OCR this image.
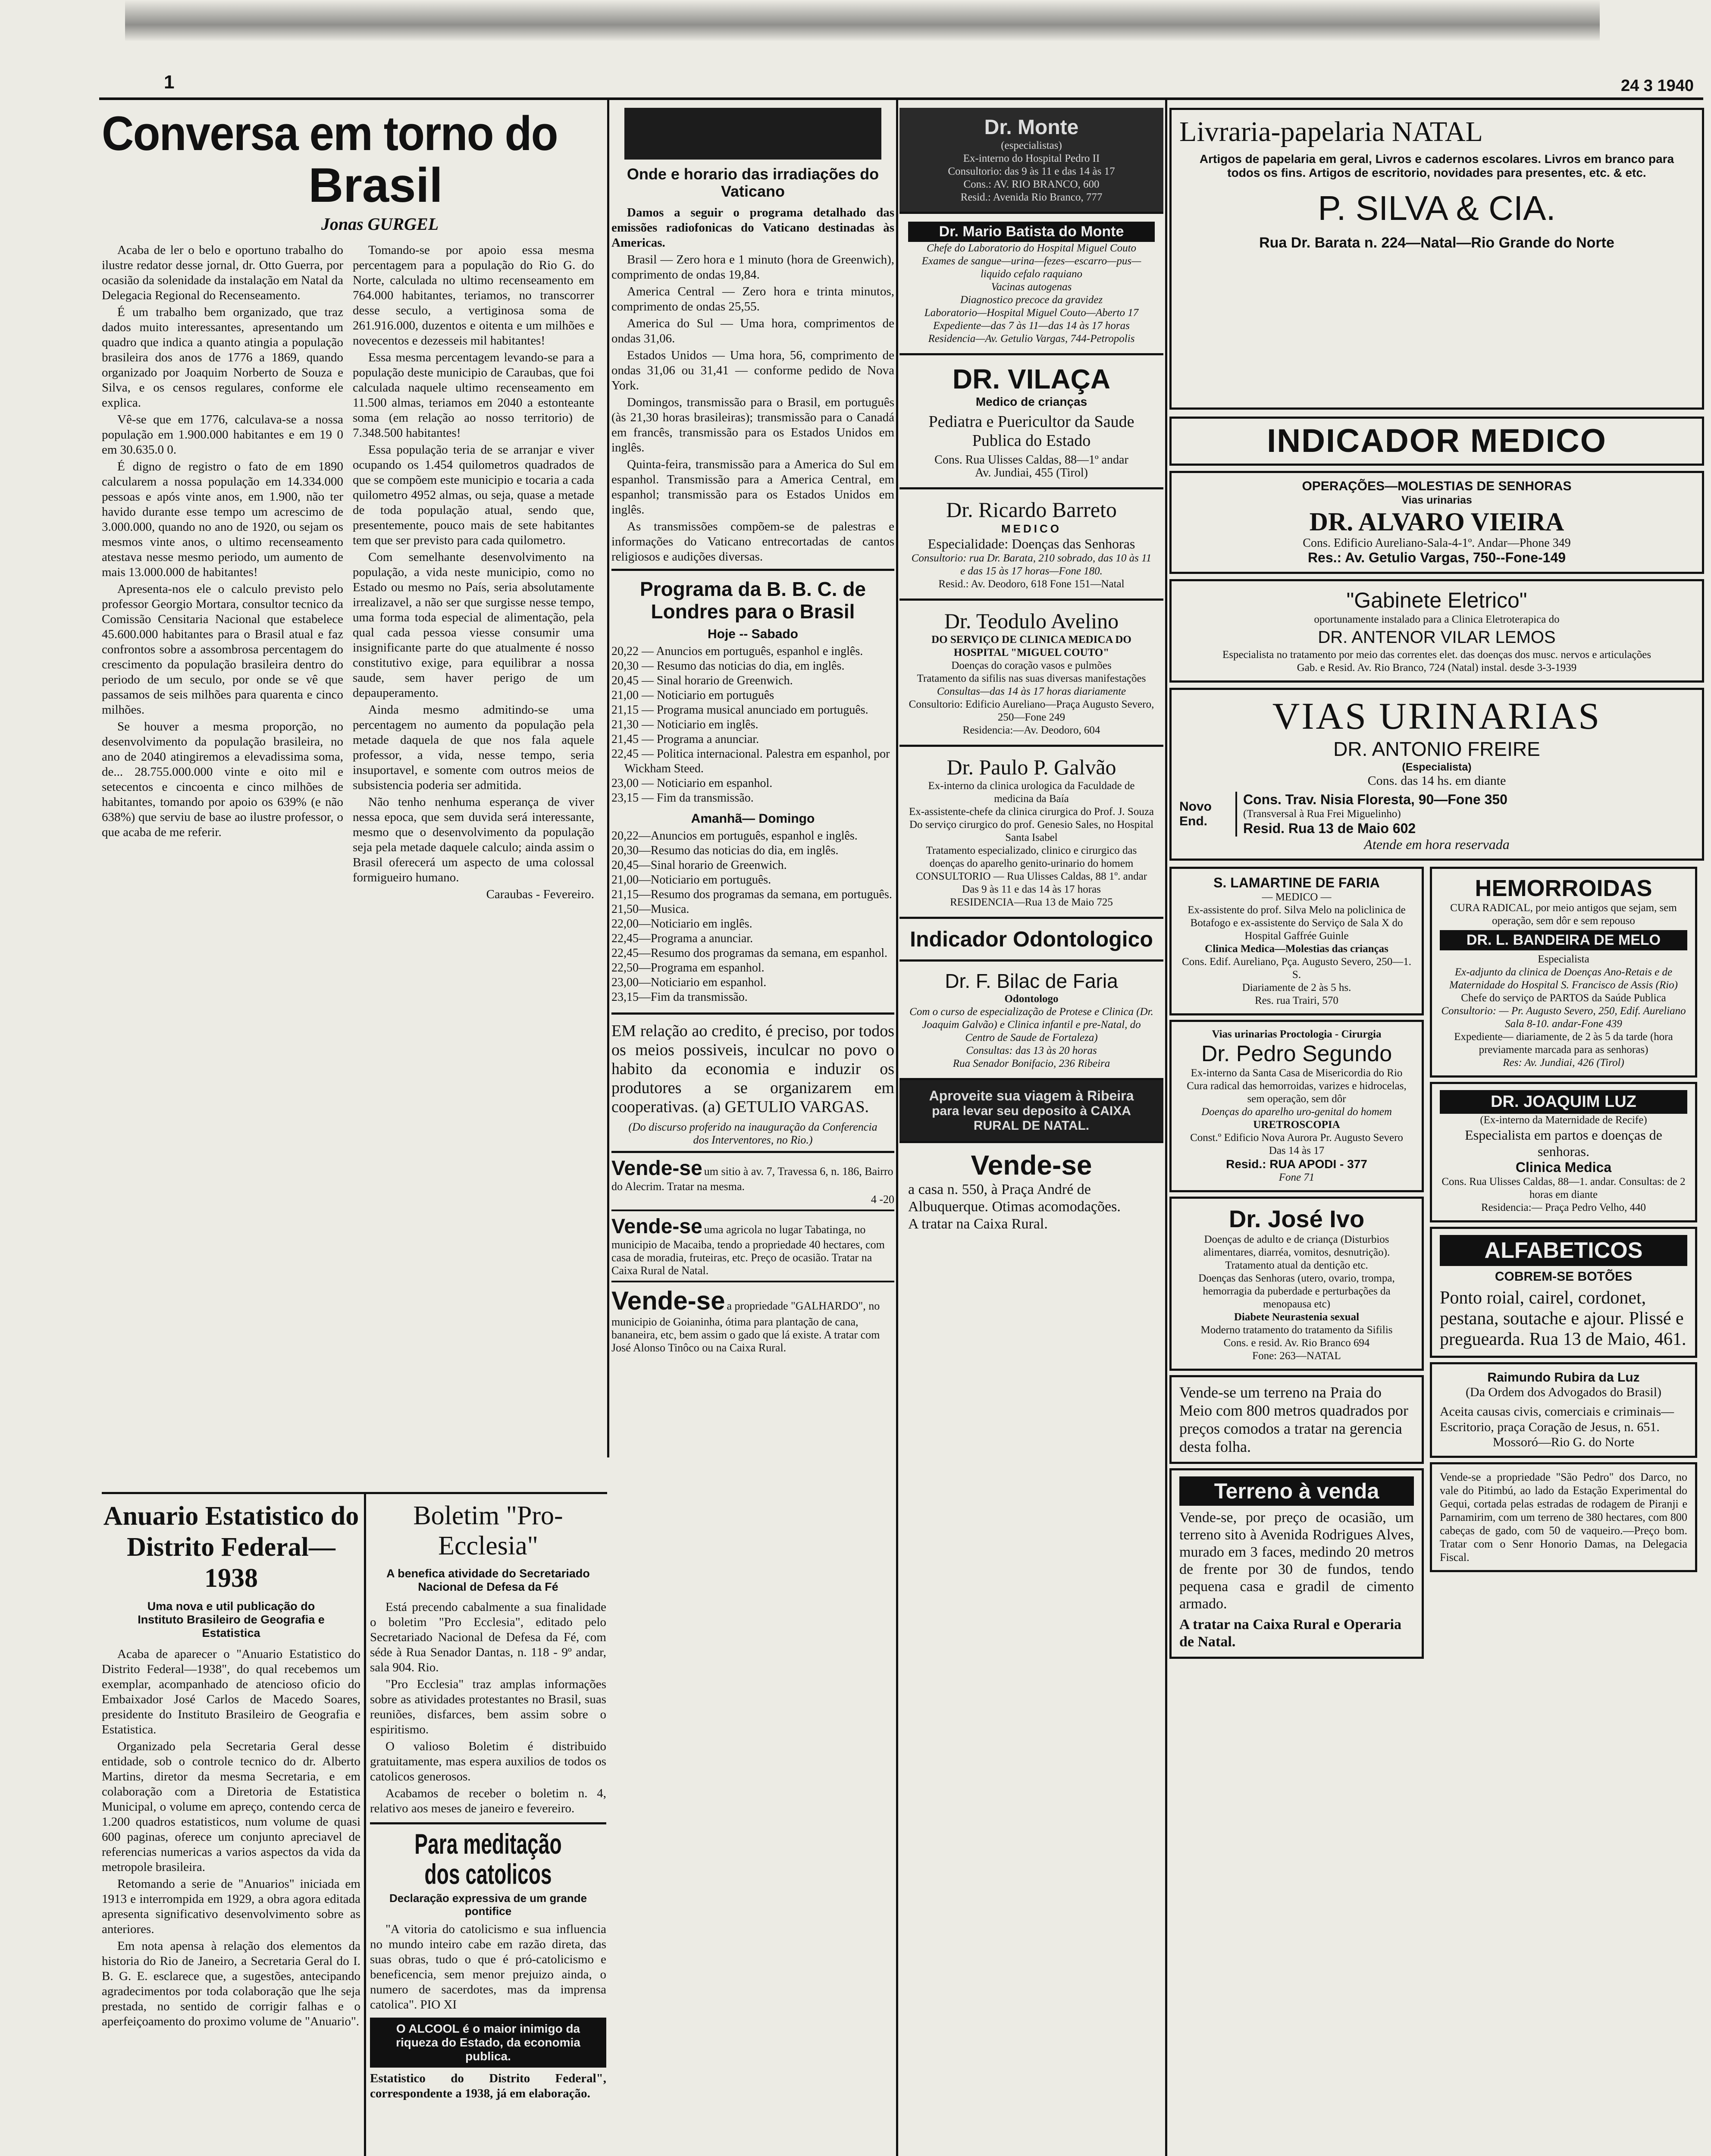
1	24 3 1940
Conversa em torno do
Brasil
Jonas GURGEL

Acaba de ler o belo e oportuno trabalho do ilustre redator desse jornal, dr. Otto Guerra, por ocasião da solenidade da instalação em Natal da Delegacia Regional do Recenseamento.

É um trabalho bem organizado, que traz dados muito interessantes, apresentando um quadro que indica a quanto atingia a população brasileira dos anos de 1776 a 1869, quando organizado por Joaquim Norberto de Souza e Silva, e os censos regulares, conforme ele explica.

Vê-se que em 1776, calculava-se a nossa população em 1.900.000 habitantes e em 19 0 em 30.635.0 0.

É digno de registro o fato de em 1890 calcularem a nossa população em 14.334.000 pessoas e após vinte anos, em 1.900, não ter havido durante esse tempo um acrescimo de 3.000.000, quando no ano de 1920, ou sejam os mesmos vinte anos, o ultimo recenseamento atestava nesse mesmo periodo, um aumento de mais 13.000.000 de habitantes!

Apresenta-nos ele o calculo previsto pelo professor Georgio Mortara, consultor tecnico da Comissão Censitaria Nacional que estabelece 45.600.000 habitantes para o Brasil atual e faz confrontos sobre a assombrosa percentagem do crescimento da população brasileira dentro do periodo de um seculo, por onde se vê que passamos de seis milhões para quarenta e cinco milhões.

Se houver a mesma proporção, no desenvolvimento da população brasileira, no ano de 2040 atingiremos a elevadissima soma, de... 28.755.000.000 vinte e oito mil e setecentos e cincoenta e cinco milhões de habitantes, tomando por apoio os 639% (e não 638%) que serviu de base ao ilustre professor, o que acaba de me referir.

Tomando-se por apoio essa mesma percentagem para a população do Rio G. do Norte, calculada no ultimo recenseamento em 764.000 habitantes, teriamos, no transcorrer desse seculo, a vertiginosa soma de 261.916.000, duzentos e oitenta e um milhões e novecentos e dezesseis mil habitantes!

Essa mesma percentagem levando-se para a população deste municipio de Caraubas, que foi calculada naquele ultimo recenseamento em 11.500 almas, teriamos em 2040 a estonteante soma (em relação ao nosso territorio) de 7.348.500 habitantes!

Essa população teria de se arranjar e viver ocupando os 1.454 quilometros quadrados de que se compõem este municipio e tocaria a cada quilometro 4952 almas, ou seja, quase a metade de toda população atual, sendo que, presentemente, pouco mais de sete habitantes tem que ser previsto para cada quilometro.

Com semelhante desenvolvimento na população, a vida neste municipio, como no Estado ou mesmo no País, seria absolutamente irrealizavel, a não ser que surgisse nesse tempo, uma forma toda especial de alimentação, pela qual cada pessoa viesse consumir uma insignificante parte do que atualmente é nosso constitutivo exige, para equilibrar a nossa saude, sem haver perigo de um depauperamento.

Ainda mesmo admitindo-se uma percentagem no aumento da população pela metade daquela de que nos fala aquele professor, a vida, nesse tempo, seria insuportavel, e somente com outros meios de subsistencia poderia ser admitida.

Não tenho nenhuma esperança de viver nessa epoca, que sem duvida será interessante, mesmo que o desenvolvimento da população seja pela metade daquele calculo; ainda assim o Brasil oferecerá um aspecto de uma colossal formigueiro humano.

Caraubas - Fevereiro.

Anuario Estatistico do Distrito Federal—1938
Uma nova e util publicação do Instituto Brasileiro de Geografia e Estatistica

Acaba de aparecer o "Anuario Estatistico do Distrito Federal—1938", do qual recebemos um exemplar, acompanhado de atencioso oficio do Embaixador José Carlos de Macedo Soares, presidente do Instituto Brasileiro de Geografia e Estatistica.

Organizado pela Secretaria Geral desse entidade, sob o controle tecnico do dr. Alberto Martins, diretor da mesma Secretaria, e em colaboração com a Diretoria de Estatistica Municipal, o volume em apreço, contendo cerca de 1.200 quadros estatisticos, num volume de quasi 600 paginas, oferece um conjunto apreciavel de referencias numericas a varios aspectos da vida da metropole brasileira.

Retomando a serie de "Anuarios" iniciada em 1913 e interrompida em 1929, a obra agora editada apresenta significativo desenvolvimento sobre as anteriores.

Em nota apensa à relação dos elementos da historia do Rio de Janeiro, a Secretaria Geral do I. B. G. E. esclarece que, a sugestões, antecipando agradecimentos por toda colaboração que lhe seja prestada, no sentido de corrigir falhas e o aperfeiçoamento do proximo volume de "Anuario".

Boletim "Pro-Ecclesia"
A benefica atividade do Secretariado Nacional de Defesa da Fé

Está precendo cabalmente a sua finalidade o boletim "Pro Ecclesia", editado pelo Secretariado Nacional de Defesa da Fé, com séde à Rua Senador Dantas, n. 118 - 9º andar, sala 904. Rio.

"Pro Ecclesia" traz amplas informações sobre as atividades protestantes no Brasil, suas reuniões, disfarces, bem assim sobre o espiritismo.

O valioso Boletim é distribuido gratuitamente, mas espera auxilios de todos os catolicos generosos.

Acabamos de receber o boletim n. 4, relativo aos meses de janeiro e fevereiro.

Para meditação dos catolicos
Declaração expressiva de um grande pontifice

"A vitoria do catolicismo e sua influencia no mundo inteiro cabe em razão direta, das suas obras, tudo o que é pró-catolicismo e beneficencia, sem menor prejuizo ainda, o numero de sacerdotes, mas da imprensa catolica". PIO XI

O ALCOOL é o maior inimigo da riqueza do Estado, da economia publica.
Estatistico do Distrito Federal", correspondente a 1938, já em elaboração.
Onde e horario das irradiações do Vaticano

Damos a seguir o programa detalhado das emissões radiofonicas do Vaticano destinadas às Americas.

Brasil — Zero hora e 1 minuto (hora de Greenwich), comprimento de ondas 19,84.

America Central — Zero hora e trinta minutos, comprimento de ondas 25,55.

America do Sul — Uma hora, comprimentos de ondas 31,06.

Estados Unidos — Uma hora, 56, comprimento de ondas 31,06 ou 31,41 — conforme pedido de Nova York.

Domingos, transmissão para o Brasil, em português (às 21,30 horas brasileiras); transmissão para o Canadá em francês, transmissão para os Estados Unidos em inglês.

Quinta-feira, transmissão para a America do Sul em espanhol. Transmissão para a America Central, em espanhol; transmissão para os Estados Unidos em inglês.

As transmissões compõem-se de palestras e informações do Vaticano entrecortadas de cantos religiosos e audições diversas.

Programa da B. B. C. de Londres para o Brasil
Hoje -- Sabado
20,22 — Anuncios em português, espanhol e inglês.
20,30 — Resumo das noticias do dia, em inglês.
20,45 — Sinal horario de Greenwich.
21,00 — Noticiario em português
21,15 — Programa musical anunciado em português.
21,30 — Noticiario em inglês.
21,45 — Programa a anunciar.
22,45 — Politica internacional. Palestra em espanhol, por Wickham Steed.
23,00 — Noticiario em espanhol.
23,15 — Fim da transmissão.
Amanhã— Domingo
20,22—Anuncios em português, espanhol e inglês.
20,30—Resumo das noticias do dia, em inglês.
20,45—Sinal horario de Greenwich.
21,00—Noticiario em português.
21,15—Resumo dos programas da semana, em português.
21,50—Musica.
22,00—Noticiario em inglês.
22,45—Programa a anunciar.
22,45—Resumo dos programas da semana, em espanhol.
22,50—Programa em espanhol.
23,00—Noticiario em espanhol.
23,15—Fim da transmissão.
EM relação ao credito, é preciso, por todos os meios possiveis, inculcar no povo o habito da economia e induzir os produtores a se organizarem em cooperativas. (a) GETULIO VARGAS.
(Do discurso proferido na inauguração da Conferencia dos Interventores, no Rio.)
Vende-se um sitio à av. 7, Travessa 6, n. 186, Bairro do Alecrim. Tratar na mesma.
4 -20
Vende-se uma agricola no lugar Tabatinga, no municipio de Macaiba, tendo a propriedade 40 hectares, com casa de moradia, fruteiras, etc. Preço de ocasião. Tratar na Caixa Rural de Natal.
Vende-se a propriedade "GALHARDO", no municipio de Goianinha, ótima para plantação de cana, bananeira, etc, bem assim o gado que lá existe. A tratar com José Alonso Tinôco ou na Caixa Rural.
Dr. Monte
(especialistas)
Ex-interno do Hospital Pedro II
Consultorio: das 9 às 11 e das 14 às 17
Cons.: AV. RIO BRANCO, 600
Resid.: Avenida Rio Branco, 777
Dr. Mario Batista do Monte
Chefe do Laboratorio do Hospital Miguel Couto
Exames de sangue—urina—fezes—escarro—pus—liquido cefalo raquiano
Vacinas autogenas
Diagnostico precoce da gravidez
Laboratorio—Hospital Miguel Couto—Aberto 17
Expediente—das 7 às 11—das 14 às 17 horas
Residencia—Av. Getulio Vargas, 744-Petropolis
DR. VILAÇA
Medico de crianças
Pediatra e Puericultor da Saude Publica do Estado
Cons. Rua Ulisses Caldas, 88—1º andar
Av. Jundiai, 455 (Tirol)
Dr. Ricardo Barreto
MEDICO
Especialidade: Doenças das Senhoras
Consultorio: rua Dr. Barata, 210 sobrado, das 10 às 11 e das 15 às 17 horas—Fone 180.
Resid.: Av. Deodoro, 618 Fone 151—Natal
Dr. Teodulo Avelino
DO SERVIÇO DE CLINICA MEDICA DO HOSPITAL "MIGUEL COUTO"
Doenças do coração vasos e pulmões
Tratamento da sifilis nas suas diversas manifestações
Consultas—das 14 às 17 horas diariamente
Consultorio: Edificio Aureliano—Praça Augusto Severo, 250—Fone 249
Residencia:—Av. Deodoro, 604
Dr. Paulo P. Galvão
Ex-interno da clinica urologica da Faculdade de medicina da Baía
Ex-assistente-chefe da clinica cirurgica do Prof. J. Souza
Do serviço cirurgico do prof. Genesio Sales, no Hospital Santa Isabel
Tratamento especializado, clinico e cirurgico das doenças do aparelho genito-urinario do homem
CONSULTORIO — Rua Ulisses Caldas, 88 1º. andar
Das 9 às 11 e das 14 às 17 horas
RESIDENCIA—Rua 13 de Maio 725
Indicador Odontologico
Dr. F. Bilac de Faria
Odontologo
Com o curso de especialização de Protese e Clinica (Dr. Joaquim Galvão) e Clinica infantil e pre-Natal, do Centro de Saude de Fortaleza)
Consultas: das 13 às 20 horas
Rua Senador Bonifacio, 236 Ribeira
Aproveite sua viagem à Ribeira
para levar seu deposito à CAIXA RURAL DE NATAL.
Vende-se
a casa n. 550, à Praça André de Albuquerque. Otimas acomodações.
A tratar na Caixa Rural.
Livraria-papelaria NATAL
Artigos de papelaria em geral, Livros e cadernos escolares. Livros em branco para todos os fins. Artigos de escritorio, novidades para presentes, etc. & etc.
P. SILVA & CIA.
Rua Dr. Barata n. 224—Natal—Rio Grande do Norte
INDICADOR MEDICO
OPERAÇÕES—MOLESTIAS DE SENHORAS
Vias urinarias
DR. ALVARO VIEIRA
Cons. Edificio Aureliano-Sala-4-1º. Andar—Phone 349
Res.: Av. Getulio Vargas, 750--Fone-149
"Gabinete Eletrico"
oportunamente instalado para a Clinica Eletroterapica do
DR. ANTENOR VILAR LEMOS
Especialista no tratamento por meio das correntes elet. das doenças dos musc. nervos e articulações
Gab. e Resid. Av. Rio Branco, 724 (Natal) instal. desde 3-3-1939
VIAS URINARIAS
DR. ANTONIO FREIRE
(Especialista)
Cons. das 14 hs. em diante
Novo
End.
Cons. Trav. Nisia Floresta, 90—Fone 350
(Transversal à Rua Frei Miguelinho)
Resid. Rua 13 de Maio 602
Atende em hora reservada
S. LAMARTINE DE FARIA
— MEDICO —
Ex-assistente do prof. Silva Melo na policlinica de Botafogo e ex-assistente do Serviço de Sala X do Hospital Gaffrée Guinle
Clinica Medica—Molestias das crianças
Cons. Edif. Aureliano, Pça. Augusto Severo, 250—1. S.
Diariamente de 2 às 5 hs.
Res. rua Trairi, 570
Vias urinarias Proctologia - Cirurgia
Dr. Pedro Segundo
Ex-interno da Santa Casa de Misericordia do Rio
Cura radical das hemorroidas, varizes e hidrocelas, sem operação, sem dôr
Doenças do aparelho uro-genital do homem
URETROSCOPIA
Const.º Edificio Nova Aurora Pr. Augusto Severo
Das 14 às 17
Resid.: RUA APODI - 377
Fone 71
Dr. José Ivo
Doenças de adulto e de criança (Disturbios alimentares, diarréa, vomitos, desnutrição). Tratamento atual da dentição etc.
Doenças das Senhoras (utero, ovario, trompa, hemorragia da puberdade e perturbações da menopausa etc)
Diabete Neurastenia sexual
Moderno tratamento do tratamento da Sifilis
Cons. e resid. Av. Rio Branco 694
Fone: 263—NATAL
Vende-se um terreno na Praia do Meio com 800 metros quadrados por preços comodos a tratar na gerencia desta folha.
Terreno à venda
Vende-se, por preço de ocasião, um terreno sito à Avenida Rodrigues Alves, murado em 3 faces, medindo 20 metros de frente por 30 de fundos, tendo pequena casa e gradil de cimento armado.
A tratar na Caixa Rural e Operaria de Natal.
HEMORROIDAS
CURA RADICAL, por meio antigos que sejam, sem operação, sem dôr e sem repouso
DR. L. BANDEIRA DE MELO
Especialista
Ex-adjunto da clinica de Doenças Ano-Retais e de Maternidade do Hospital S. Francisco de Assis (Rio)
Chefe do serviço de PARTOS da Saúde Publica
Consultorio: — Pr. Augusto Severo, 250, Edif. Aureliano Sala 8-10. andar-Fone 439
Expediente— diariamente, de 2 às 5 da tarde (hora previamente marcada para as senhoras)
Res: Av. Jundiai, 426 (Tirol)
DR. JOAQUIM LUZ
(Ex-interno da Maternidade de Recife)
Especialista em partos e doenças de senhoras.
Clinica Medica
Cons. Rua Ulisses Caldas, 88—1. andar. Consultas: de 2 horas em diante
Residencia:— Praça Pedro Velho, 440
ALFABETICOS
COBREM-SE BOTÕES
Ponto roial, cairel, cordonet, pestana, soutache e ajour. Plissé e preguearda. Rua 13 de Maio, 461.
Raimundo Rubira da Luz
(Da Ordem dos Advogados do Brasil)
Aceita causas civis, comerciais e criminais—Escritorio, praça Coração de Jesus, n. 651.
Mossoró—Rio G. do Norte
Vende-se a propriedade "São Pedro" dos Darco, no vale do Pitimbú, ao lado da Estação Experimental do Gequi, cortada pelas estradas de rodagem de Piranji e Parnamirim, com um terreno de 380 hectares, com 800 cabeças de gado, com 50 de vaqueiro.—Preço bom. Tratar com o Senr Honorio Damas, na Delegacia Fiscal.
